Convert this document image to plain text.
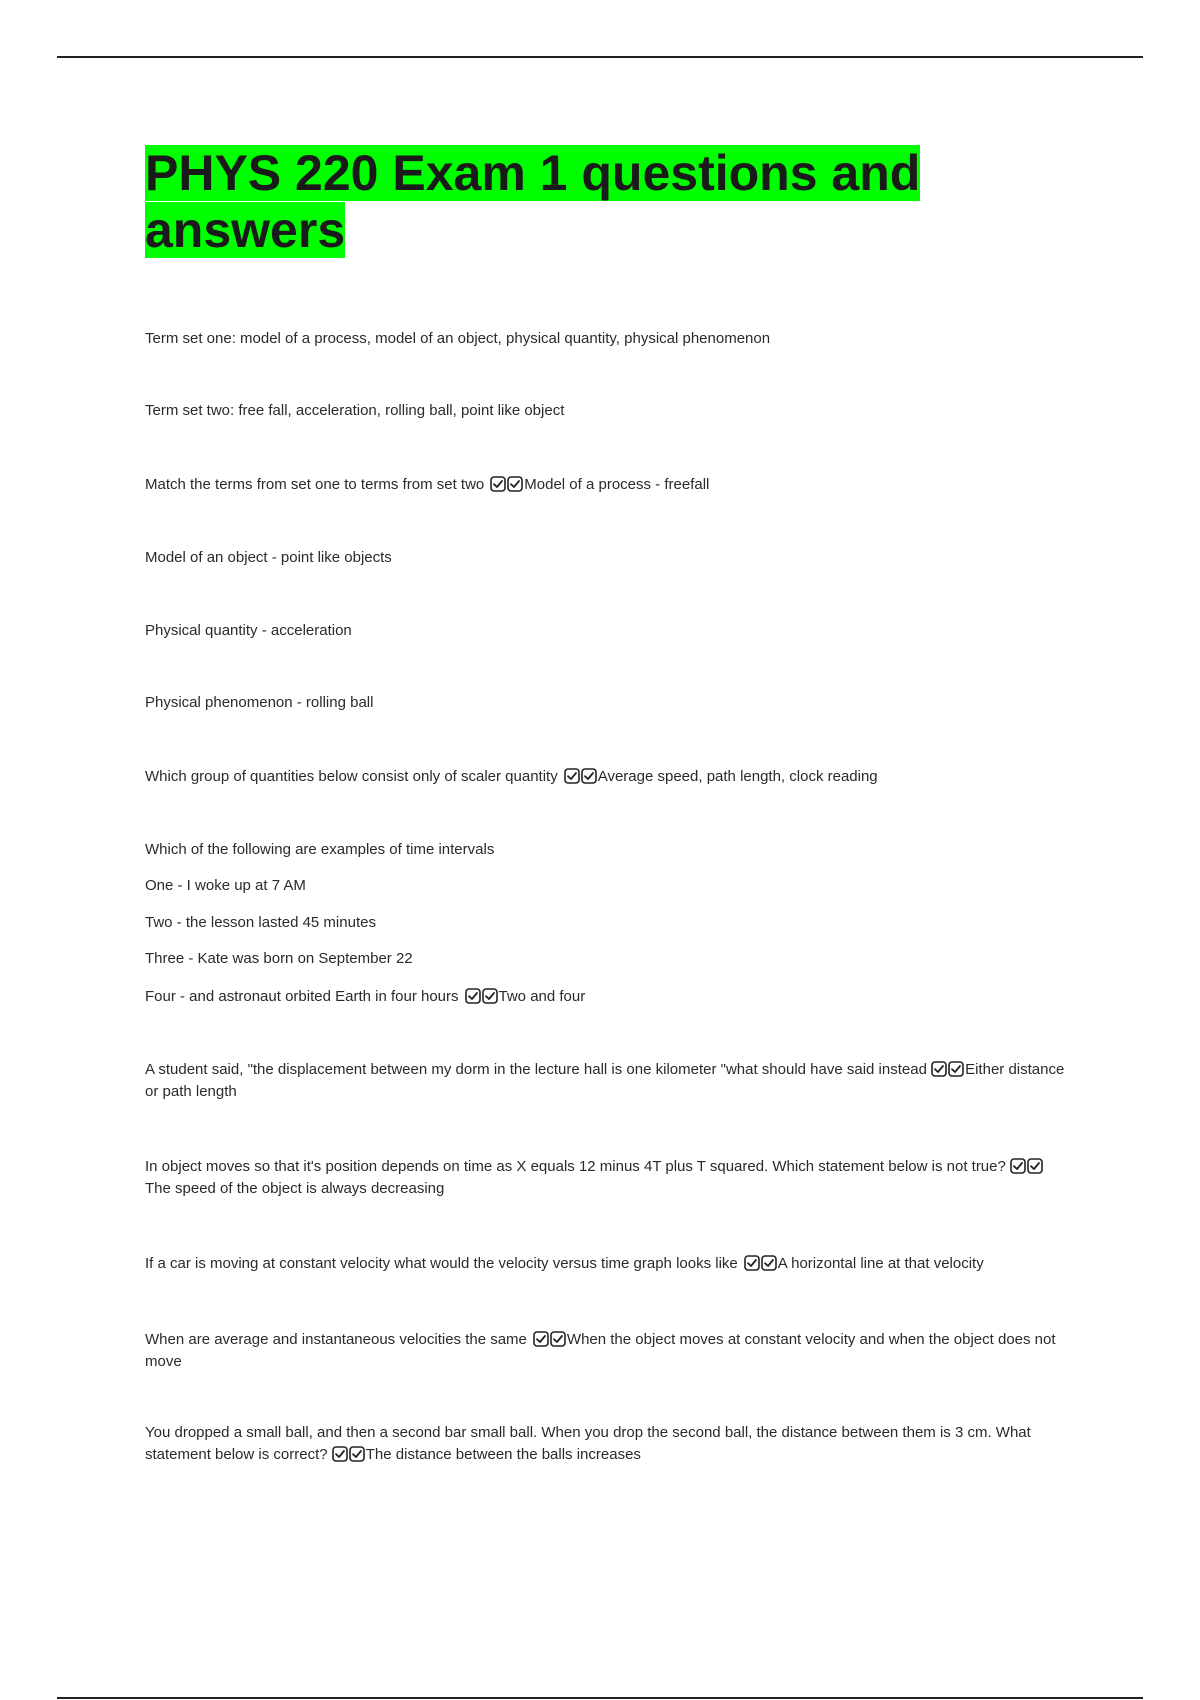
PHYS 220 Exam 1 questions and answers
Term set one: model of a process, model of an object, physical quantity, physical phenomenon
Term set two: free fall, acceleration, rolling ball, point like object
Match the terms from set one to terms from set two	Model of a process - freefall
Model of an object - point like objects
Physical quantity - acceleration
Physical phenomenon - rolling ball
Which group of quantities below consist only of scaler quantity	Average speed, path length, clock reading
Which of the following are examples of time intervals
One - I woke up at 7 AM
Two - the lesson lasted 45 minutes
Three - Kate was born on September 22
Four - and astronaut orbited Earth in four hours	Two and four
A student said, "the displacement between my dorm in the lecture hall is one kilometer "what should have said instead	Either distance or path length
In object moves so that it's position depends on time as X equals 12 minus 4T plus T squared. Which statement below is not true?
The speed of the object is always decreasing
If a car is moving at constant velocity what would the velocity versus time graph looks like	A horizontal line at that velocity
When are average and instantaneous velocities the same	When the object moves at constant velocity and when the object does not move
You dropped a small ball, and then a second bar small ball. When you drop the second ball, the distance between them is 3 cm. What statement below is correct?	The distance between the balls increases
